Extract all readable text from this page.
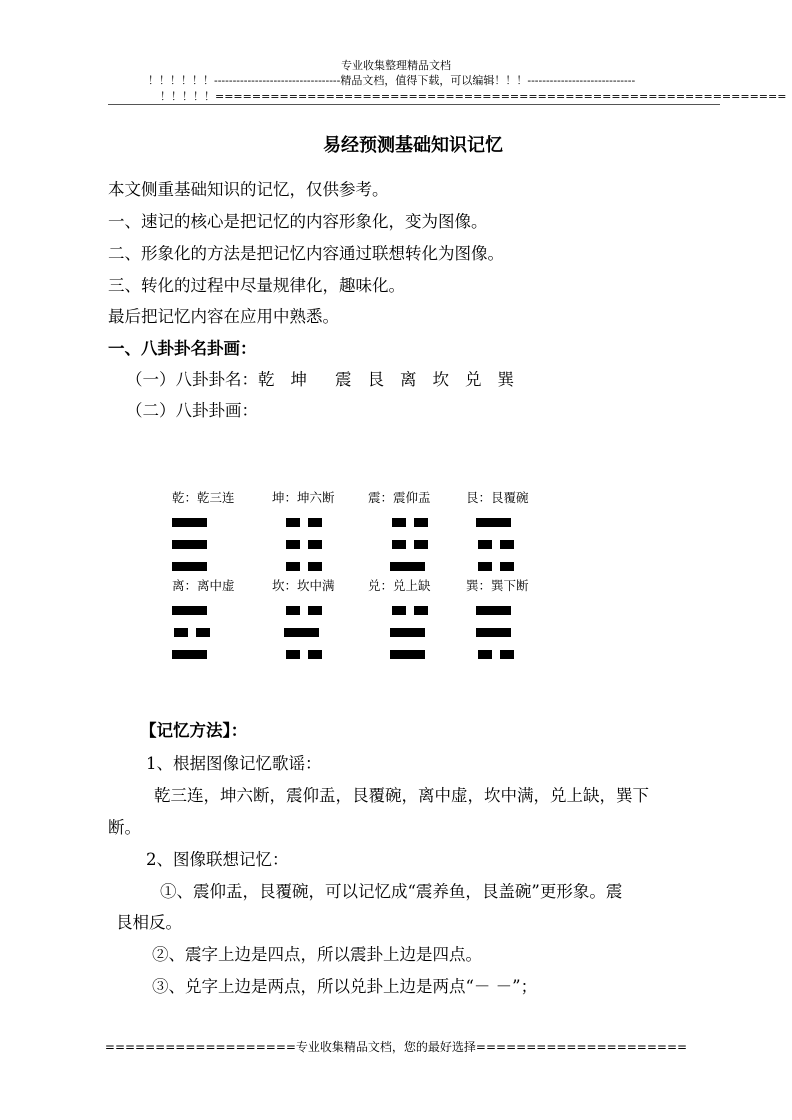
专业收集整理精品文档
！！！！！！----------------------------------精品文档，值得下载，可以编辑！！！-----------------------------
！！！！！==============================================================
易经预测基础知识记忆
本文侧重基础知识的记忆，仅供参考。
一、速记的核心是把记忆的内容形象化，变为图像。
二、形象化的方法是把记忆内容通过联想转化为图像。
三、转化的过程中尽量规律化，趣味化。
最后把记忆内容在应用中熟悉。
一、八卦卦名卦画：
（一）八卦卦名：乾 坤 震 艮 离 坎 兑 巽
（二）八卦卦画：
乾：乾三连	坤：坤六断	震：震仰盂	艮：艮覆碗
离：离中虚	坎：坎中满	兑：兑上缺	巽：巽下断
【记忆方法】：
1、根据图像记忆歌谣：
乾三连，坤六断，震仰盂，艮覆碗，离中虚，坎中满，兑上缺，巽下
断。
2、图像联想记忆：
①、震仰盂，艮覆碗，可以记忆成“震养鱼，艮盖碗”更形象。震
艮相反。
②、震字上边是四点，所以震卦上边是四点。
③、兑字上边是两点，所以兑卦上边是两点“－ －”；
===================专业收集精品文档，您的最好选择=====================
